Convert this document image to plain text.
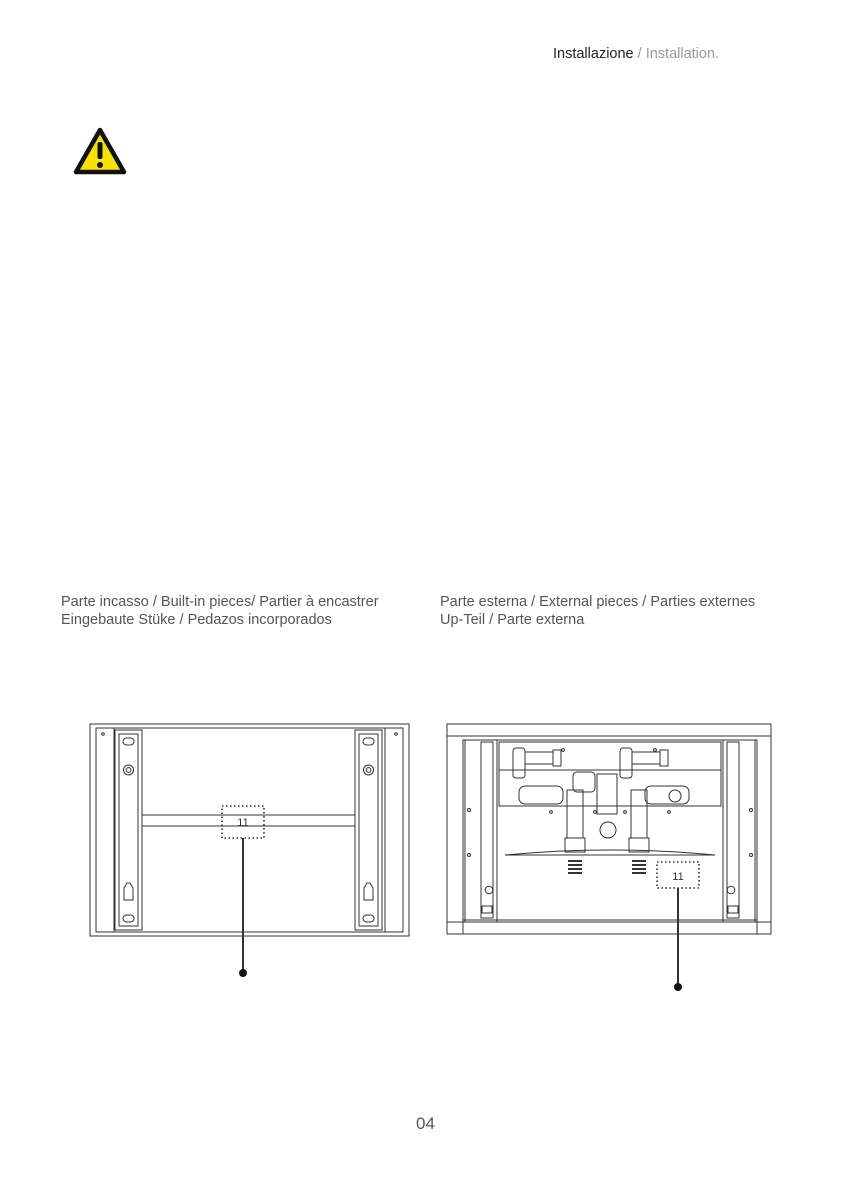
Installazione / Installation.
Parte incasso / Built-in pieces/ Partier à encastrer
Eingebaute Stüke / Pedazos incorporados
Parte esterna / External pieces / Parties externes
Up-Teil / Parte externa
11
11
04
